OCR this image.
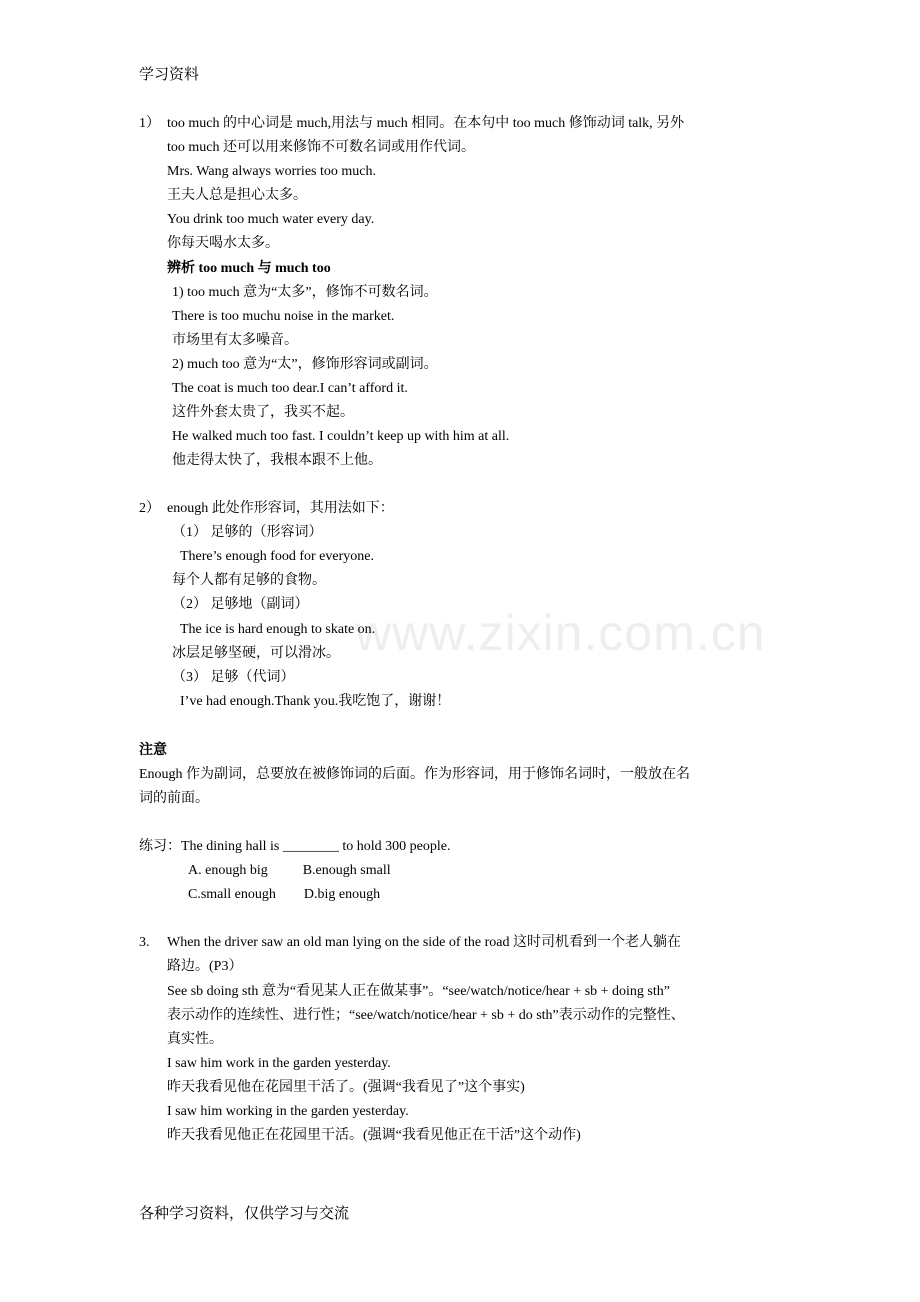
学习资料
www.zixin.com.cn
1） too much 的中心词是 much,用法与 much 相同。在本句中 too much 修饰动词 talk, 另外
too much 还可以用来修饰不可数名词或用作代词。
Mrs. Wang always worries too much.
王夫人总是担心太多。
You drink too much water every day.
你每天喝水太多。
辨析 too much 与 much too
1) too much 意为“太多”，修饰不可数名词。
There is too muchu noise in the market.
市场里有太多噪音。
2) much too 意为“太”，修饰形容词或副词。
The coat is much too dear.I can’t afford it.
这件外套太贵了，我买不起。
He walked much too fast. I couldn’t keep up with him at all.
他走得太快了，我根本跟不上他。
2） enough 此处作形容词，其用法如下：
（1） 足够的（形容词）
There’s enough food for everyone.
每个人都有足够的食物。
（2） 足够地（副词）
The ice is hard enough to skate on.
冰层足够坚硬，可以滑冰。
（3） 足够（代词）
I’ve had enough.Thank you.我吃饱了，谢谢！
注意
Enough 作为副词，总要放在被修饰词的后面。作为形容词，用于修饰名词时，一般放在名
词的前面。
练习：The dining hall is ________ to hold 300 people.
A. enough big          B.enough small
C.small enough        D.big enough
3. When the driver saw an old man lying on the side of the road 这时司机看到一个老人躺在
路边。(P3）
See sb doing sth 意为“看见某人正在做某事”。“see/watch/notice/hear + sb + doing sth”
表示动作的连续性、进行性；“see/watch/notice/hear + sb + do sth”表示动作的完整性、
真实性。
I saw him work in the garden yesterday.
昨天我看见他在花园里干活了。(强调“我看见了”这个事实)
I saw him working in the garden yesterday.
昨天我看见他正在花园里干活。(强调“我看见他正在干活”这个动作)
各种学习资料，仅供学习与交流
